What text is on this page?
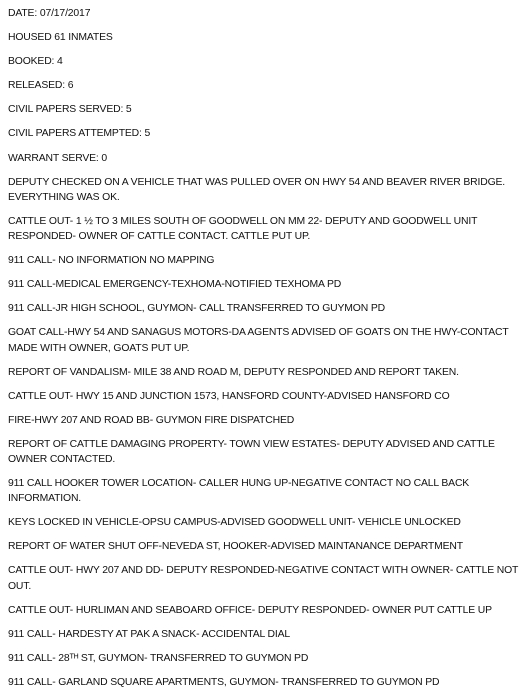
DATE: 07/17/2017
HOUSED 61 INMATES
BOOKED: 4
RELEASED: 6
CIVIL PAPERS SERVED: 5
CIVIL PAPERS ATTEMPTED: 5
WARRANT SERVE: 0
DEPUTY CHECKED ON A VEHICLE THAT WAS PULLED OVER ON HWY 54 AND BEAVER RIVER BRIDGE. EVERYTHING WAS OK.
CATTLE OUT- 1 ½ TO 3 MILES SOUTH OF GOODWELL ON MM 22- DEPUTY AND GOODWELL UNIT RESPONDED- OWNER OF CATTLE CONTACT. CATTLE PUT UP.
911 CALL- NO INFORMATION NO MAPPING
911 CALL-MEDICAL EMERGENCY-TEXHOMA-NOTIFIED TEXHOMA PD
911 CALL-JR HIGH SCHOOL, GUYMON- CALL TRANSFERRED TO GUYMON PD
GOAT CALL-HWY 54 AND SANAGUS MOTORS-DA AGENTS ADVISED OF GOATS ON THE HWY-CONTACT MADE WITH OWNER, GOATS PUT UP.
REPORT OF VANDALISM- MILE 38 AND ROAD M, DEPUTY RESPONDED AND REPORT TAKEN.
CATTLE OUT- HWY 15 AND JUNCTION 1573, HANSFORD COUNTY-ADVISED HANSFORD CO
FIRE-HWY 207 AND ROAD BB- GUYMON FIRE DISPATCHED
REPORT OF CATTLE DAMAGING PROPERTY- TOWN VIEW ESTATES- DEPUTY ADVISED AND CATTLE OWNER CONTACTED.
911 CALL HOOKER TOWER LOCATION- CALLER HUNG UP-NEGATIVE CONTACT NO CALL BACK INFORMATION.
KEYS LOCKED IN VEHICLE-OPSU CAMPUS-ADVISED GOODWELL UNIT- VEHICLE UNLOCKED
REPORT OF WATER SHUT OFF-NEVEDA ST, HOOKER-ADVISED MAINTANANCE DEPARTMENT
CATTLE OUT- HWY 207 AND DD- DEPUTY RESPONDED-NEGATIVE CONTACT WITH OWNER- CATTLE NOT OUT.
CATTLE OUT- HURLIMAN AND SEABOARD OFFICE- DEPUTY RESPONDED- OWNER PUT CATTLE UP
911 CALL- HARDESTY AT PAK A SNACK- ACCIDENTAL DIAL
911 CALL- 28ᵀᴴ ST, GUYMON- TRANSFERRED TO GUYMON PD
911 CALL- GARLAND SQUARE APARTMENTS, GUYMON- TRANSFERRED TO GUYMON PD
